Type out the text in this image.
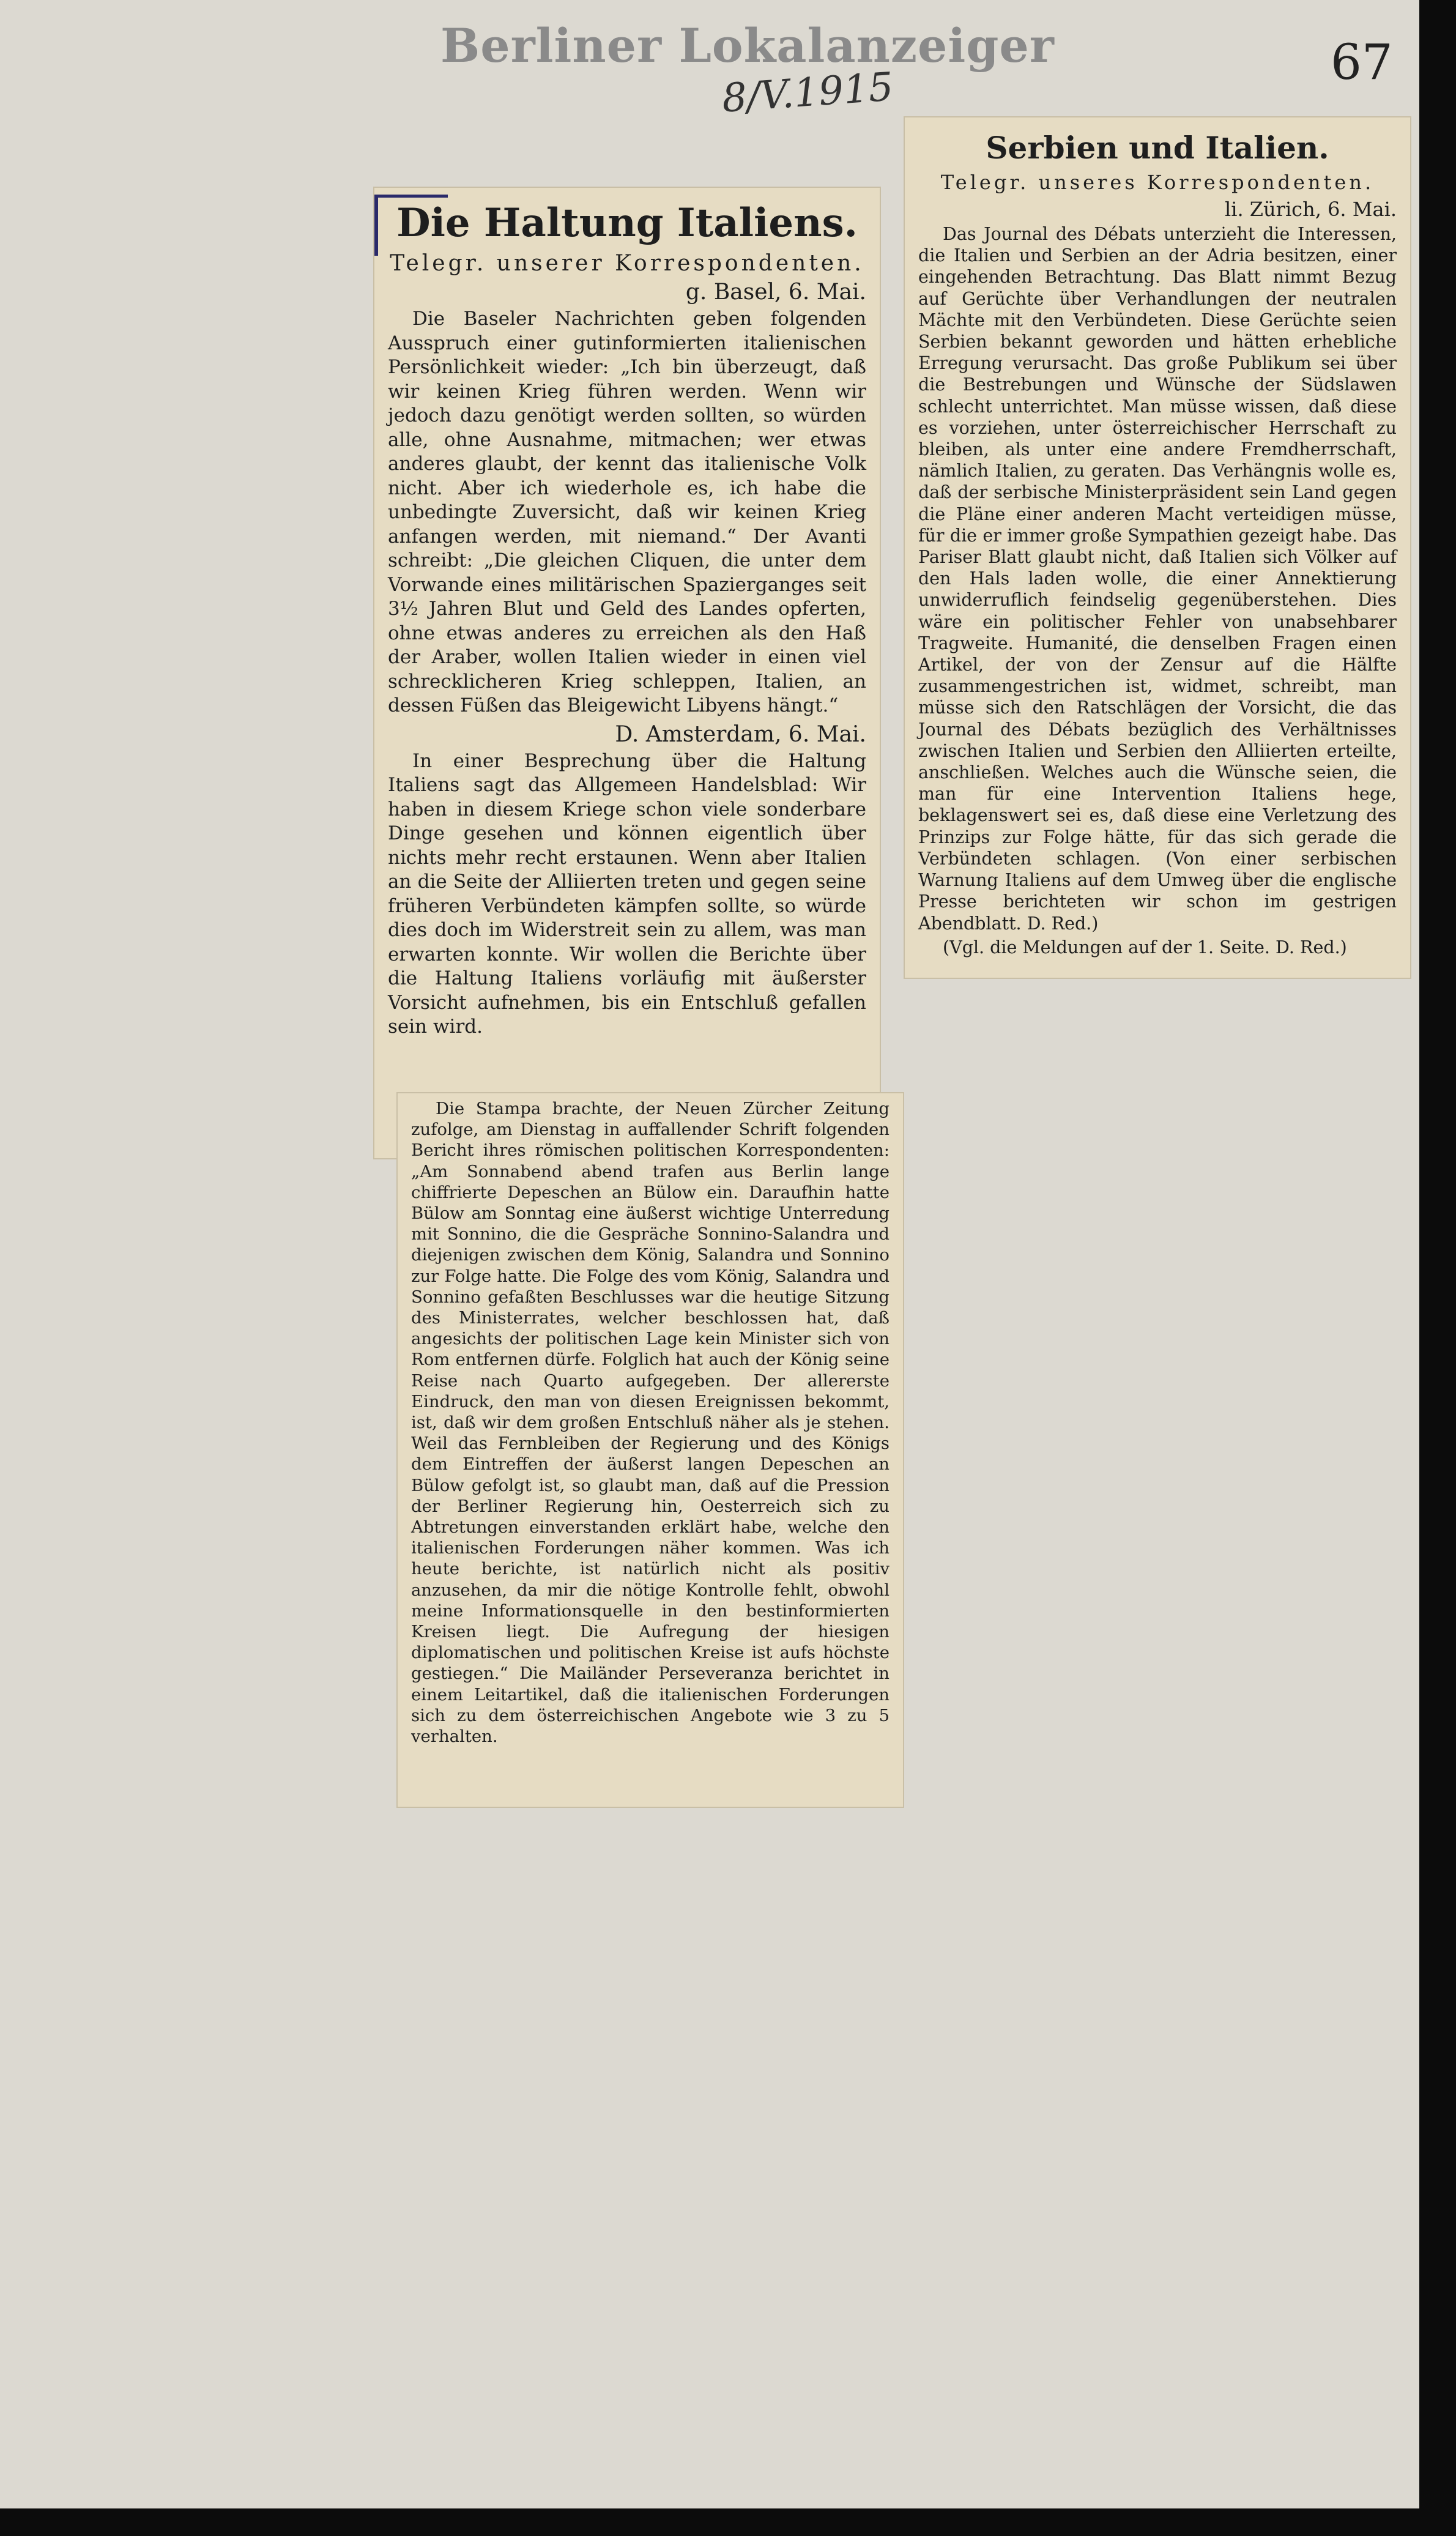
Berliner Lokalanzeiger
8/V.1915
67
Die Haltung Italiens.
Telegr. unserer Korrespondenten.
g. Basel, 6. Mai.
Die Baseler Nachrichten geben folgenden Ausspruch einer gutinformierten italienischen Persönlichkeit wieder: „Ich bin überzeugt, daß wir keinen Krieg führen werden. Wenn wir jedoch dazu genötigt werden sollten, so würden alle, ohne Ausnahme, mitmachen; wer etwas anderes glaubt, der kennt das italienische Volk nicht. Aber ich wiederhole es, ich habe die unbedingte Zuversicht, daß wir keinen Krieg anfangen werden, mit niemand.“ Der Avanti schreibt: „Die gleichen Cliquen, die unter dem Vorwande eines militärischen Spazierganges seit 3½ Jahren Blut und Geld des Landes opferten, ohne etwas anderes zu erreichen als den Haß der Araber, wollen Italien wieder in einen viel schrecklicheren Krieg schleppen, Italien, an dessen Füßen das Bleigewicht Libyens hängt.“
D. Amsterdam, 6. Mai.
In einer Besprechung über die Haltung Italiens sagt das Allgemeen Handelsblad: Wir haben in diesem Kriege schon viele sonderbare Dinge gesehen und können eigentlich über nichts mehr recht erstaunen. Wenn aber Italien an die Seite der Alliierten treten und gegen seine früheren Verbündeten kämpfen sollte, so würde dies doch im Widerstreit sein zu allem, was man erwarten konnte. Wir wollen die Berichte über die Haltung Italiens vorläufig mit äußerster Vorsicht aufnehmen, bis ein Entschluß gefallen sein wird.
Die Stampa brachte, der Neuen Zürcher Zeitung zufolge, am Dienstag in auffallender Schrift folgenden Bericht ihres römischen politischen Korrespondenten: „Am Sonnabend abend trafen aus Berlin lange chiffrierte Depeschen an Bülow ein. Daraufhin hatte Bülow am Sonntag eine äußerst wichtige Unterredung mit Sonnino, die die Gespräche Sonnino-Salandra und diejenigen zwischen dem König, Salandra und Sonnino zur Folge hatte. Die Folge des vom König, Salandra und Sonnino gefaßten Beschlusses war die heutige Sitzung des Ministerrates, welcher beschlossen hat, daß angesichts der politischen Lage kein Minister sich von Rom entfernen dürfe. Folglich hat auch der König seine Reise nach Quarto aufgegeben. Der allererste Eindruck, den man von diesen Ereignissen bekommt, ist, daß wir dem großen Entschluß näher als je stehen. Weil das Fernbleiben der Regierung und des Königs dem Eintreffen der äußerst langen Depeschen an Bülow gefolgt ist, so glaubt man, daß auf die Pression der Berliner Regierung hin, Oesterreich sich zu Abtretungen einverstanden erklärt habe, welche den italienischen Forderungen näher kommen. Was ich heute berichte, ist natürlich nicht als positiv anzusehen, da mir die nötige Kontrolle fehlt, obwohl meine Informationsquelle in den bestinformierten Kreisen liegt. Die Aufregung der hiesigen diplomatischen und politischen Kreise ist aufs höchste gestiegen.“ Die Mailänder Perseveranza berichtet in einem Leitartikel, daß die italienischen Forderungen sich zu dem österreichischen Angebote wie 3 zu 5 verhalten.
Serbien und Italien.
Telegr. unseres Korrespondenten.
li. Zürich, 6. Mai.
Das Journal des Débats unterzieht die Interessen, die Italien und Serbien an der Adria besitzen, einer eingehenden Betrachtung. Das Blatt nimmt Bezug auf Gerüchte über Verhandlungen der neutralen Mächte mit den Verbündeten. Diese Gerüchte seien Serbien bekannt geworden und hätten erhebliche Erregung verursacht. Das große Publikum sei über die Bestrebungen und Wünsche der Südslawen schlecht unterrichtet. Man müsse wissen, daß diese es vorziehen, unter österreichischer Herrschaft zu bleiben, als unter eine andere Fremdherrschaft, nämlich Italien, zu geraten. Das Verhängnis wolle es, daß der serbische Ministerpräsident sein Land gegen die Pläne einer anderen Macht verteidigen müsse, für die er immer große Sympathien gezeigt habe. Das Pariser Blatt glaubt nicht, daß Italien sich Völker auf den Hals laden wolle, die einer Annektierung unwiderruflich feindselig gegenüberstehen. Dies wäre ein politischer Fehler von unabsehbarer Tragweite. Humanité, die denselben Fragen einen Artikel, der von der Zensur auf die Hälfte zusammengestrichen ist, widmet, schreibt, man müsse sich den Ratschlägen der Vorsicht, die das Journal des Débats bezüglich des Verhältnisses zwischen Italien und Serbien den Alliierten erteilte, anschließen. Welches auch die Wünsche seien, die man für eine Intervention Italiens hege, beklagenswert sei es, daß diese eine Verletzung des Prinzips zur Folge hätte, für das sich gerade die Verbündeten schlagen. (Von einer serbischen Warnung Italiens auf dem Umweg über die englische Presse berichteten wir schon im gestrigen Abendblatt. D. Red.)
(Vgl. die Meldungen auf der 1. Seite. D. Red.)
